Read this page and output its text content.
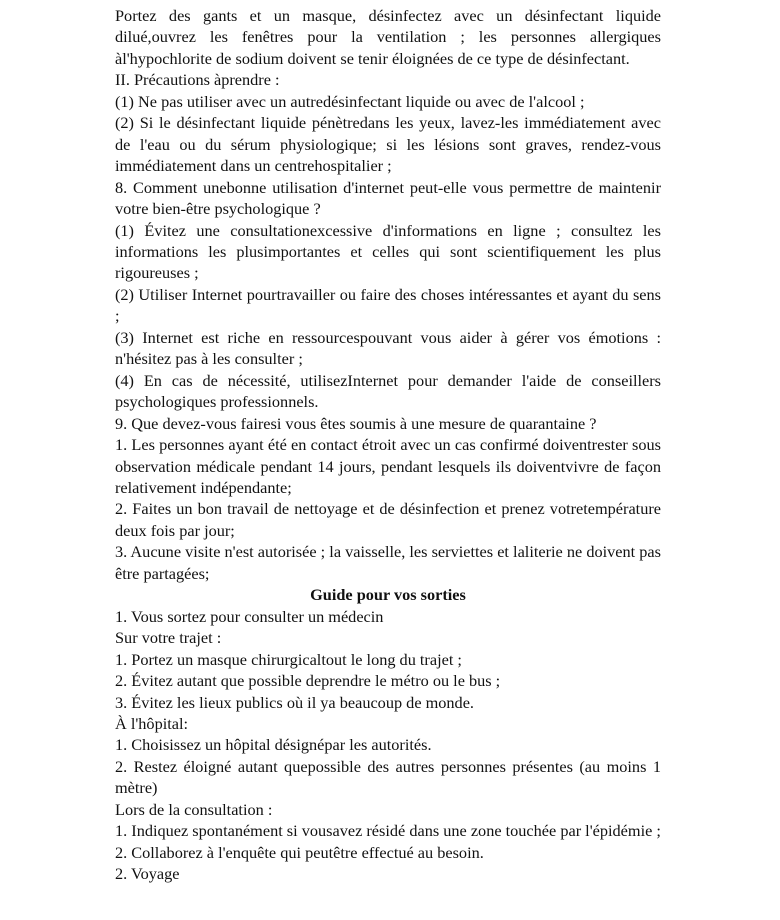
Portez des gants et un masque, désinfectez avec un désinfectant liquide dilué,ouvrez les fenêtres pour la ventilation ; les personnes allergiques àl'hypochlorite de sodium doivent se tenir éloignées de ce type de désinfectant.

II. Précautions àprendre :

(1) Ne pas utiliser avec un autredésinfectant liquide ou avec de l'alcool ;

(2) Si le désinfectant liquide pénètredans les yeux, lavez-les immédiatement avec de l'eau ou du sérum physiologique; si les lésions sont graves, rendez-vous immédiatement dans un centrehospitalier ;

8. Comment unebonne utilisation d'internet peut-elle vous permettre de maintenir votre bien-être psychologique ?

(1) Évitez une consultationexcessive d'informations en ligne ; consultez les informations les plusimportantes et celles qui sont scientifiquement les plus rigoureuses ;

(2) Utiliser Internet pourtravailler ou faire des choses intéressantes et ayant du sens ;

(3) Internet est riche en ressourcespouvant vous aider à gérer vos émotions : n'hésitez pas à les consulter ;

(4) En cas de nécessité, utilisezInternet pour demander l'aide de conseillers psychologiques professionnels.

9. Que devez-vous fairesi vous êtes soumis à une mesure de quarantaine ?

1. Les personnes ayant été en contact étroit avec un cas confirmé doiventrester sous observation médicale pendant 14 jours, pendant lesquels ils doiventvivre de façon relativement indépendante;

2. Faites un bon travail de nettoyage et de désinfection et prenez votretempérature deux fois par jour;

3. Aucune visite n'est autorisée ; la vaisselle, les serviettes et laliterie ne doivent pas être partagées;

Guide pour vos sorties

1. Vous sortez pour consulter un médecin

Sur votre trajet :

1. Portez un masque chirurgicaltout le long du trajet ;

2. Évitez autant que possible deprendre le métro ou le bus ;

3. Évitez les lieux publics où il ya beaucoup de monde.

À l'hôpital:

1. Choisissez un hôpital désignépar les autorités.

2. Restez éloigné autant quepossible des autres personnes présentes (au moins 1 mètre)

Lors de la consultation :

1. Indiquez spontanément si vousavez résidé dans une zone touchée par l'épidémie ;

2. Collaborez à l'enquête qui peutêtre effectué au besoin.

2. Voyage
